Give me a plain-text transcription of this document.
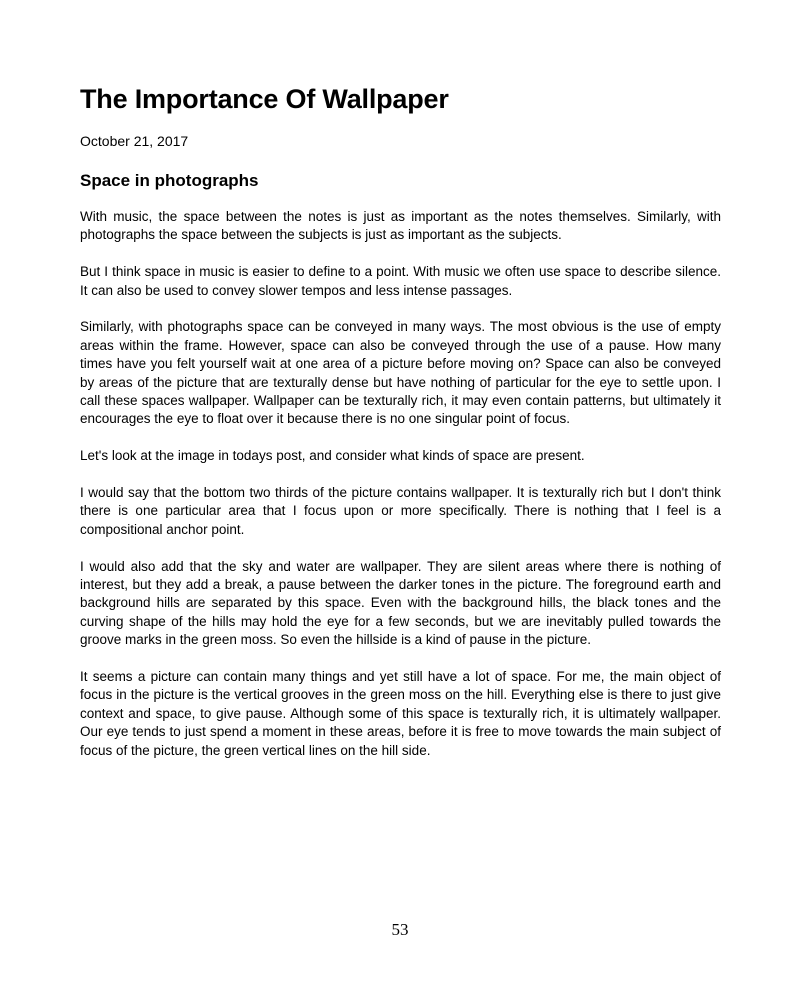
The Importance Of Wallpaper
October 21, 2017
Space in photographs

With music, the space between the notes is just as important as the notes themselves. Similarly, with photographs the space between the subjects is just as important as the subjects.

But I think space in music is easier to define to a point. With music we often use space to describe silence. It can also be used to convey slower tempos and less intense passages.

Similarly, with photographs space can be conveyed in many ways. The most obvious is the use of empty areas within the frame. However, space can also be conveyed through the use of a pause. How many times have you felt yourself wait at one area of a picture before moving on? Space can also be conveyed by areas of the picture that are texturally dense but have nothing of particular for the eye to settle upon. I call these spaces wallpaper. Wallpaper can be texturally rich, it may even contain patterns, but ultimately it encourages the eye to float over it because there is no one singular point of focus.

Let's look at the image in todays post, and consider what kinds of space are present.

I would say that the bottom two thirds of the picture contains wallpaper. It is texturally rich but I don't think there is one particular area that I focus upon or more specifically. There is nothing that I feel is a compositional anchor point.

I would also add that the sky and water are wallpaper. They are silent areas where there is nothing of interest, but they add a break, a pause between the darker tones in the picture. The foreground earth and background hills are separated by this space. Even with the background hills, the black tones and the curving shape of the hills may hold the eye for a few seconds, but we are inevitably pulled towards the groove marks in the green moss. So even the hillside is a kind of pause in the picture.

It seems a picture can contain many things and yet still have a lot of space. For me, the main object of focus in the picture is the vertical grooves in the green moss on the hill. Everything else is there to just give context and space, to give pause. Although some of this space is texturally rich, it is ultimately wallpaper. Our eye tends to just spend a moment in these areas, before it is free to move towards the main subject of focus of the picture, the green vertical lines on the hill side.

53
